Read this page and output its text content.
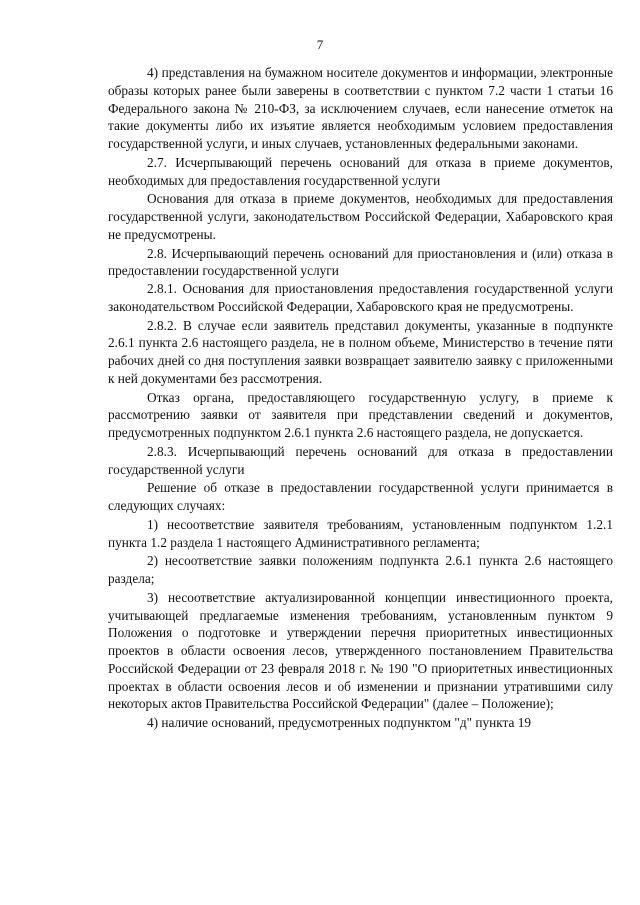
7

4) представления на бумажном носителе документов и информации, электронные образы которых ранее были заверены в соответствии с пунктом 7.2 части 1 статьи 16 Федерального закона № 210-ФЗ, за исключением случаев, если нанесение отметок на такие документы либо их изъятие является необходимым условием предоставления государственной услуги, и иных случаев, установленных федеральными законами.

2.7. Исчерпывающий перечень оснований для отказа в приеме документов, необходимых для предоставления государственной услуги

Основания для отказа в приеме документов, необходимых для предоставления государственной услуги, законодательством Российской Федерации, Хабаровского края не предусмотрены.

2.8. Исчерпывающий перечень оснований для приостановления и (или) отказа в предоставлении государственной услуги

2.8.1. Основания для приостановления предоставления государственной услуги законодательством Российской Федерации, Хабаровского края не предусмотрены.

2.8.2. В случае если заявитель представил документы, указанные в подпункте 2.6.1 пункта 2.6 настоящего раздела, не в полном объеме, Министерство в течение пяти рабочих дней со дня поступления заявки возвращает заявителю заявку с приложенными к ней документами без рассмотрения.

Отказ органа, предоставляющего государственную услугу, в приеме к рассмотрению заявки от заявителя при представлении сведений и документов, предусмотренных подпунктом 2.6.1 пункта 2.6 настоящего раздела, не допускается.

2.8.3. Исчерпывающий перечень оснований для отказа в предоставлении государственной услуги

Решение об отказе в предоставлении государственной услуги принимается в следующих случаях:

1) несоответствие заявителя требованиям, установленным подпунктом 1.2.1 пункта 1.2 раздела 1 настоящего Административного регламента;

2) несоответствие заявки положениям подпункта 2.6.1 пункта 2.6 настоящего раздела;

3) несоответствие актуализированной концепции инвестиционного проекта, учитывающей предлагаемые изменения требованиям, установленным пунктом 9 Положения о подготовке и утверждении перечня приоритетных инвестиционных проектов в области освоения лесов, утвержденного постановлением Правительства Российской Федерации от 23 февраля 2018 г. № 190 "О приоритетных инвестиционных проектах в области освоения лесов и об изменении и признании утратившими силу некоторых актов Правительства Российской Федерации" (далее – Положение);

4) наличие оснований, предусмотренных подпунктом "д" пункта 19
